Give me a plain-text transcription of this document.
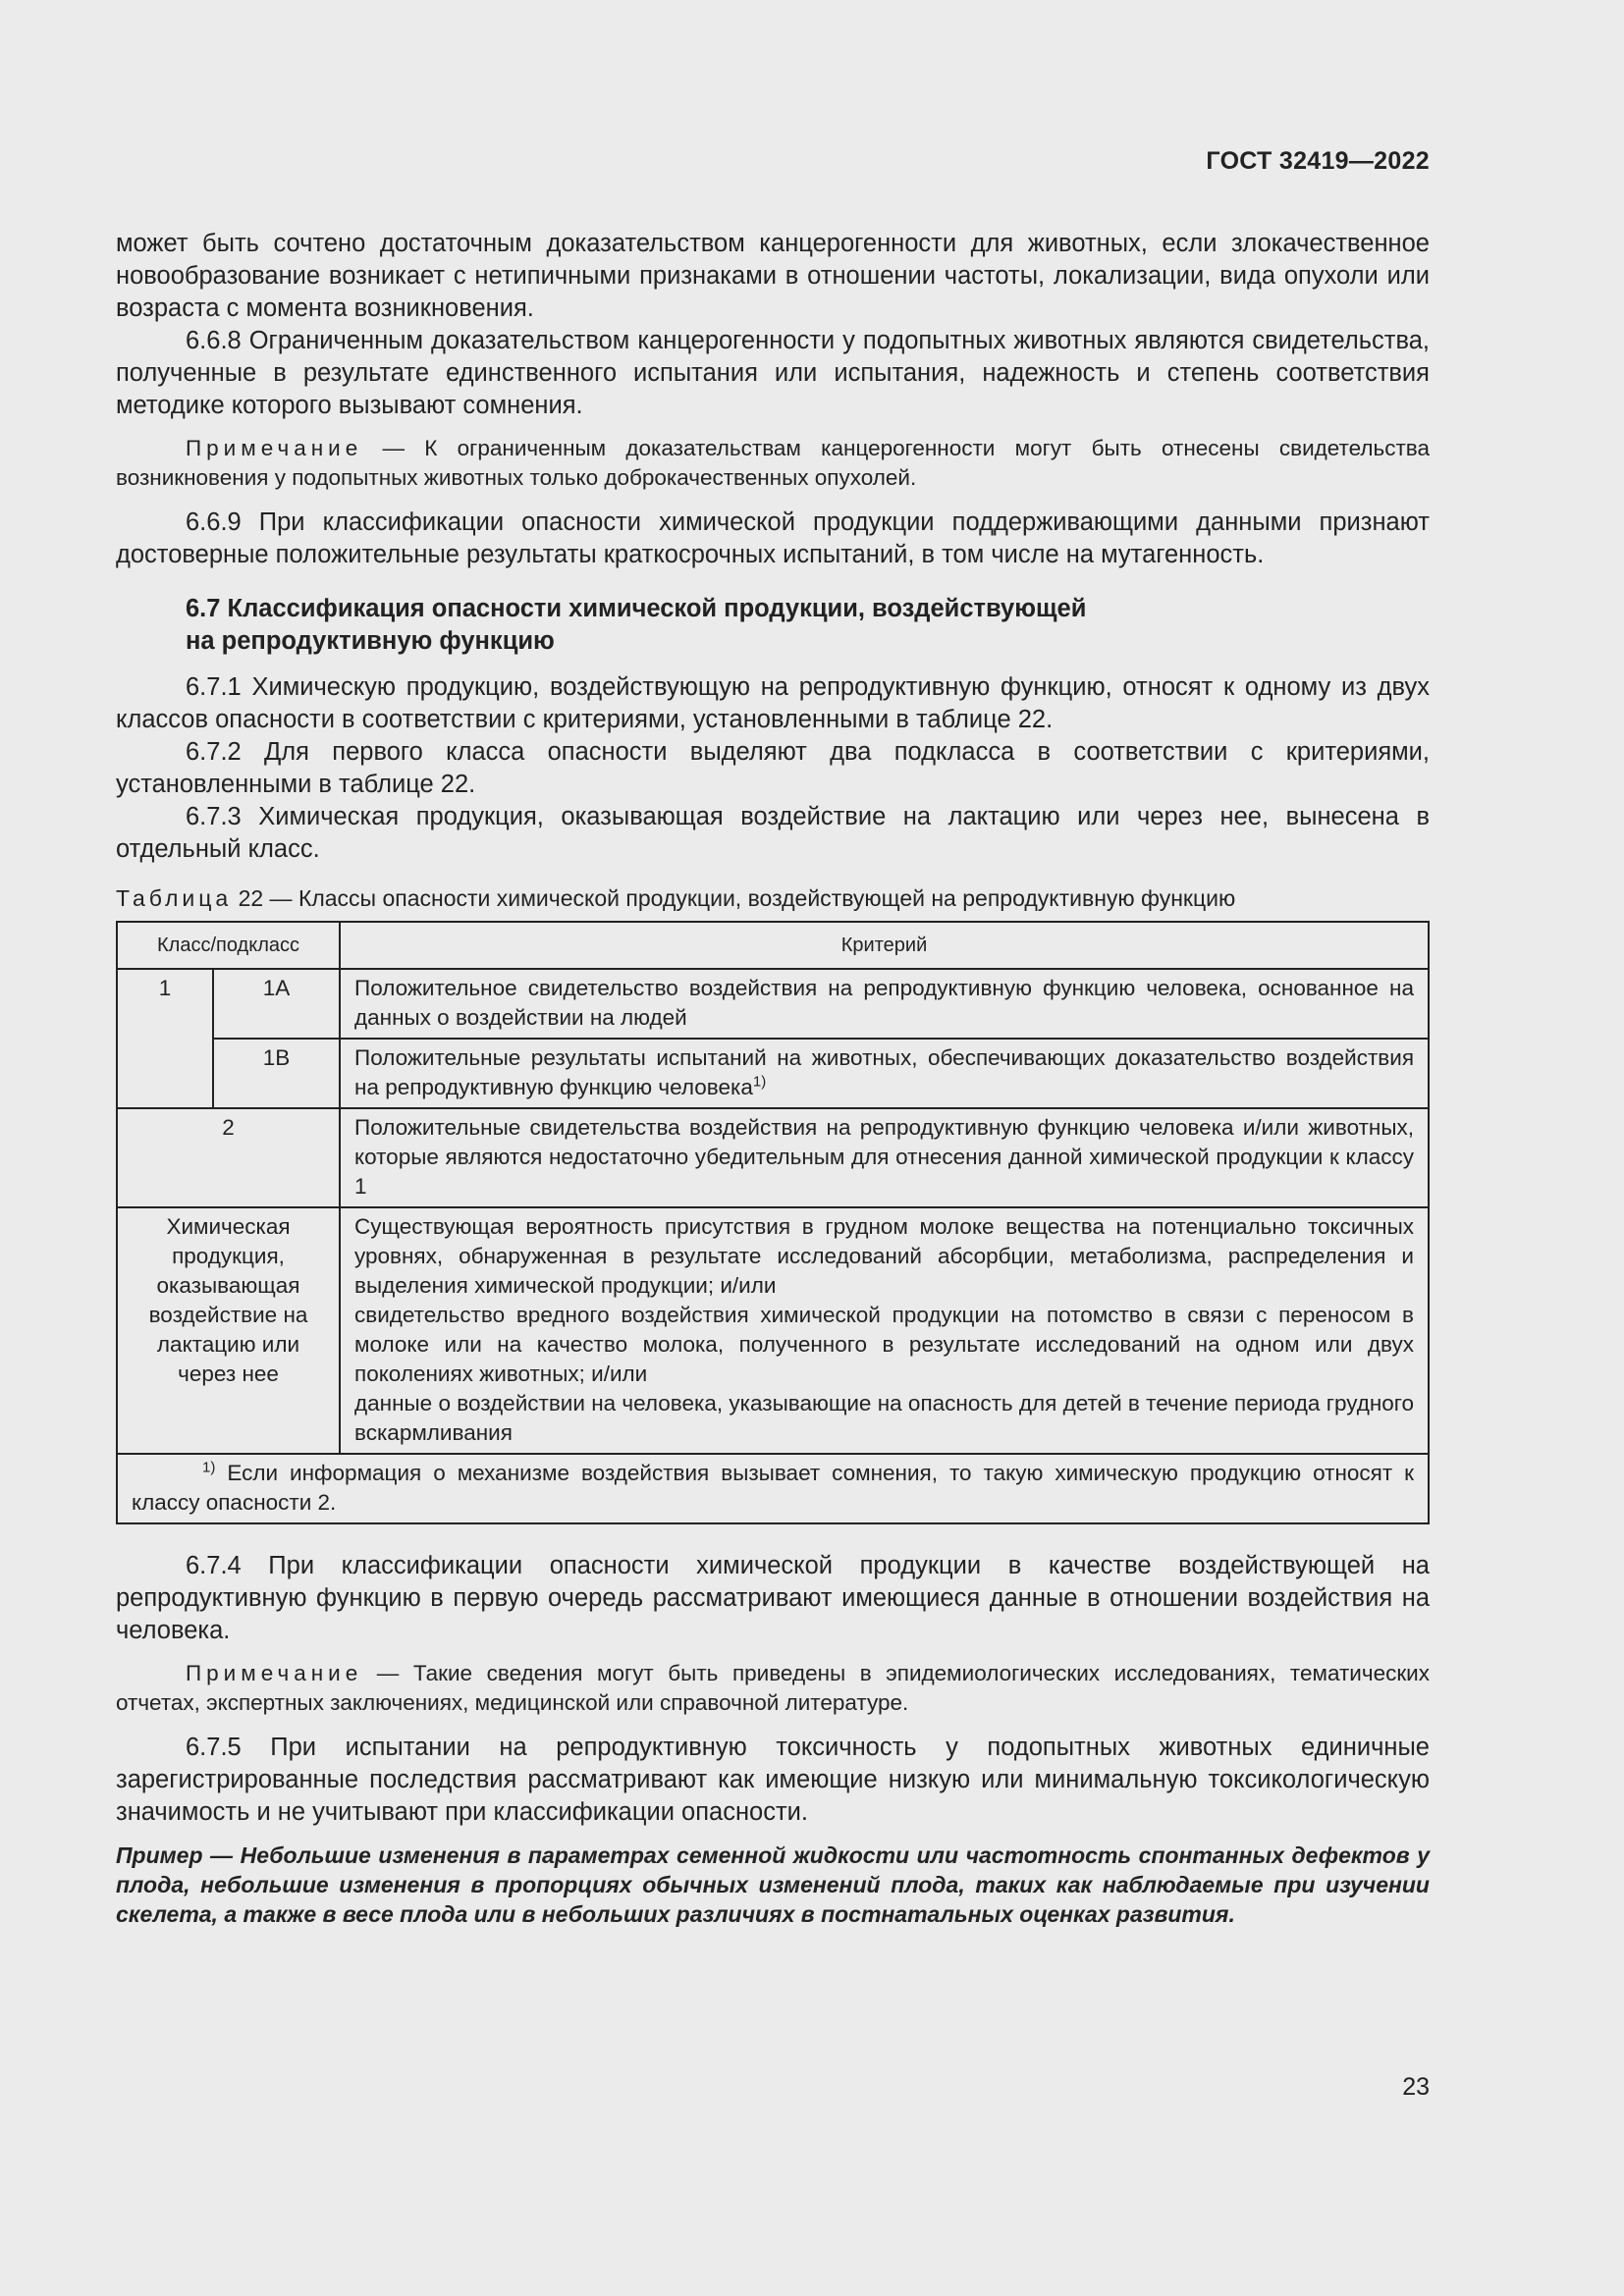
ГОСТ 32419—2022

может быть сочтено достаточным доказательством канцерогенности для животных, если злокачественное новообразование возникает с нетипичными признаками в отношении частоты, локализации, вида опухоли или возраста с момента возникновения.

6.6.8 Ограниченным доказательством канцерогенности у подопытных животных являются свидетельства, полученные в результате единственного испытания или испытания, надежность и степень соответствия методике которого вызывают сомнения.

Примечание — К ограниченным доказательствам канцерогенности могут быть отнесены свидетельства возникновения у подопытных животных только доброкачественных опухолей.

6.6.9 При классификации опасности химической продукции поддерживающими данными признают достоверные положительные результаты краткосрочных испытаний, в том числе на мутагенность.

6.7 Классификация опасности химической продукции, воздействующей
на репродуктивную функцию

6.7.1 Химическую продукцию, воздействующую на репродуктивную функцию, относят к одному из двух классов опасности в соответствии с критериями, установленными в таблице 22.

6.7.2 Для первого класса опасности выделяют два подкласса в соответствии с критериями, установленными в таблице 22.

6.7.3 Химическая продукция, оказывающая воздействие на лактацию или через нее, вынесена в отдельный класс.

Таблица 22 — Классы опасности химической продукции, воздействующей на репродуктивную функцию

Класс/подкласс		Критерий
1	1А	Положительное свидетельство воздействия на репродуктивную функцию человека, основанное на данных о воздействии на людей
	1В	Положительные результаты испытаний на животных, обеспечивающих доказательство воздействия на репродуктивную функцию человека$^{1)}$
2		Положительные свидетельства воздействия на репродуктивную функцию человека и/или животных, которые являются недостаточно убедительным для отнесения данной химической продукции к классу 1
Химическая продукция, оказывающая воздействие на лактацию или через нее		Существующая вероятность присутствия в грудном молоке вещества на потенциально токсичных уровнях, обнаруженная в результате исследований абсорбции, метаболизма, распределения и выделения химической продукции; и/или
свидетельство вредного воздействия химической продукции на потомство в связи с переносом в молоке или на качество молока, полученного в результате исследований на одном или двух поколениях животных; и/или
данные о воздействии на человека, указывающие на опасность для детей в течение периода грудного вскармливания

$^{1)}$ Если информация о механизме воздействия вызывает сомнения, то такую химическую продукцию относят к классу опасности 2.		

6.7.4 При классификации опасности химической продукции в качестве воздействующей на репродуктивную функцию в первую очередь рассматривают имеющиеся данные в отношении воздействия на человека.

Примечание — Такие сведения могут быть приведены в эпидемиологических исследованиях, тематических отчетах, экспертных заключениях, медицинской или справочной литературе.

6.7.5 При испытании на репродуктивную токсичность у подопытных животных единичные зарегистрированные последствия рассматривают как имеющие низкую или минимальную токсикологическую значимость и не учитывают при классификации опасности.

Пример — Небольшие изменения в параметрах семенной жидкости или частотность спонтанных дефектов у плода, небольшие изменения в пропорциях обычных изменений плода, таких как наблюдаемые при изучении скелета, а также в весе плода или в небольших различиях в постнатальных оценках развития.

23
